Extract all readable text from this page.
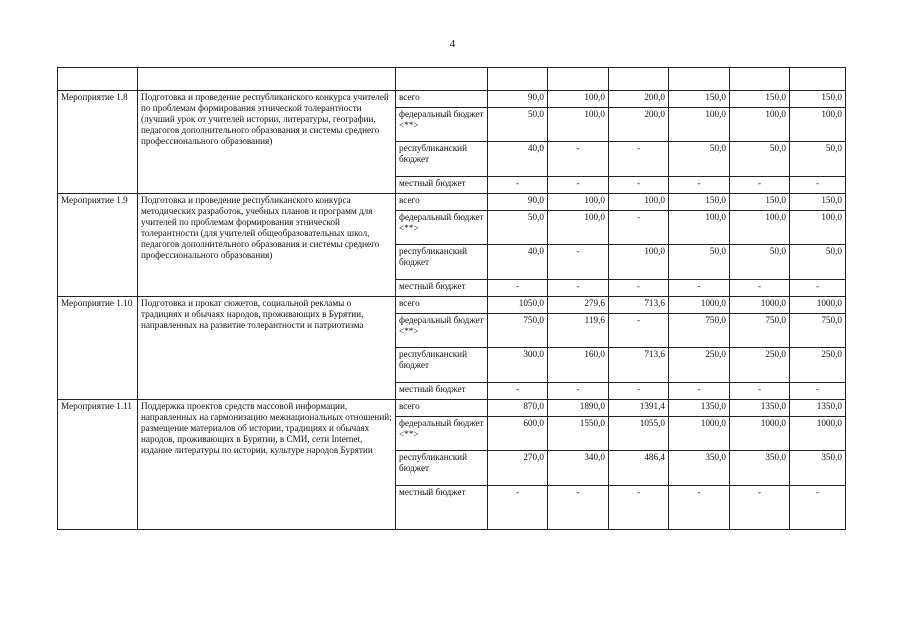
4

Мероприятие 1.8	Подготовка и проведение республиканского конкурса учителей по проблемам формирования этнической толерантности (лучший урок от учителей истории, литературы, географии, педагогов дополнительного образования и системы среднего профессионального образования)	всего	90,0	100,0	200,0	150,0	150,0	150,0
		федеральный бюджет <**>	50,0	100,0	200,0	100,0	100,0	100,0
		республиканский бюджет	40,0	-	-	50,0	50,0	50,0
		местный бюджет	-	-	-	-	-	-
Мероприятие 1.9	Подготовка и проведение республиканского конкурса методических разработок, учебных планов и программ для учителей по проблемам формирования этнической толерантности (для учителей общеобразовательных школ, педагогов дополнительного образования и системы среднего профессионального образования)	всего	90,0	100,0	100,0	150,0	150,0	150,0
		федеральный бюджет <**>	50,0	100,0	-	100,0	100,0	100,0
		республиканский бюджет	40,0	-	100,0	50,0	50,0	50,0
		местный бюджет	-	-	-	-	-	-
Мероприятие 1.10	Подготовка и прокат сюжетов, социальной рекламы о традициях и обычаях народов, проживающих в Бурятии, направленных на развитие толерантности и патриотизма	всего	1050,0	279,6	713,6	1000,0	1000,0	1000,0
		федеральный бюджет <**>	750,0	119,6	-	750,0	750,0	750,0
		республиканский бюджет	300,0	160,0	713,6	250,0	250,0	250,0
		местный бюджет	-	-	-	-	-	-
Мероприятие 1.11	Поддержка проектов средств массовой информации, направленных на гармонизацию межнациональных отношений; размещение материалов об истории, традициях и обычаях народов, проживающих в Бурятии, в СМИ, сети Internet, издание литературы по истории, культуре народов Бурятии	всего	870,0	1890,0	1391,4	1350,0	1350,0	1350,0
		федеральный бюджет <**>	600,0	1550,0	1055,0	1000,0	1000,0	1000,0
		республиканский бюджет	270,0	340,0	486,4	350,0	350,0	350,0
		местный бюджет	-	-	-	-	-	-
